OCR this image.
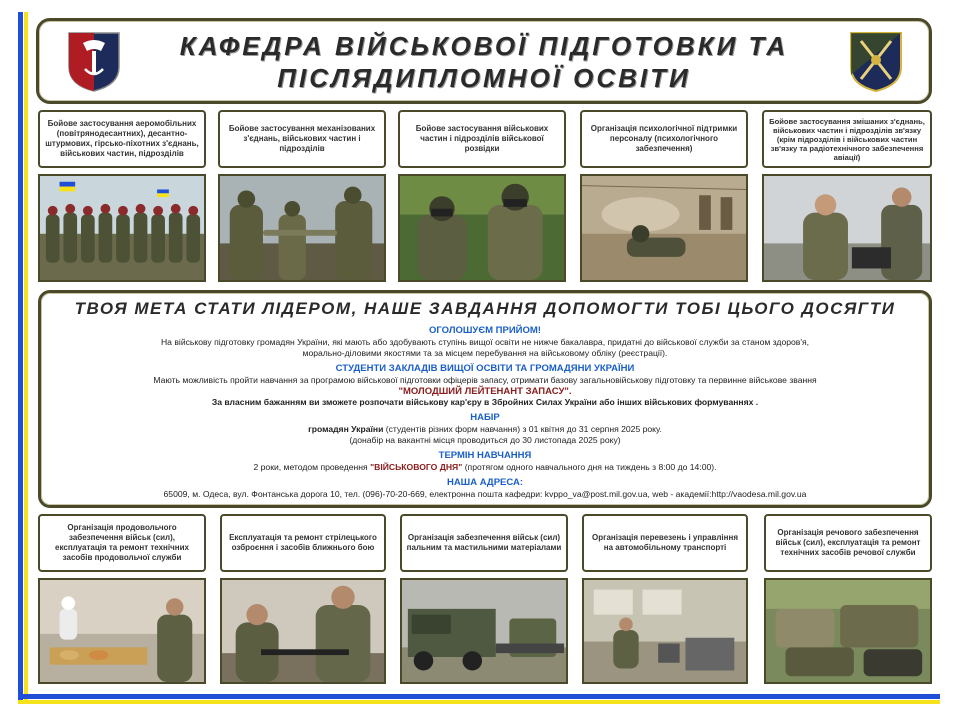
КАФЕДРА ВІЙСЬКОВОЇ ПІДГОТОВКИ ТА
ПІСЛЯДИПЛОМНОЇ ОСВІТИ
Бойове застосування аеромобільних (повітрянодесантних), десантно-штурмових, гірсько-піхотних з'єднань, військових частин, підрозділів
Бойове застосування механізованих з'єднань, військових частин і підрозділів
Бойове застосування військових частин і підрозділів військової розвідки
Організація психологічної підтримки персоналу (психологічного забезпечення)
Бойове застосування змішаних з'єднань, військових частин і підрозділів зв'язку (крім підрозділів і військових частин зв'язку та радіотехнічного забезпечення авіації)
ТВОЯ МЕТА СТАТИ ЛІДЕРОМ, НАШЕ ЗАВДАННЯ ДОПОМОГТИ ТОБІ ЦЬОГО ДОСЯГТИ
ОГОЛОШУЄМ ПРИЙОМ!
На військову підготовку громадян України, які мають або здобувають ступінь вищої освіти не нижче бакалавра, придатні до військової служби за станом здоров'я,
морально-діловими якостями та за місцем перебування на військовому обліку (реєстрації).
СТУДЕНТИ ЗАКЛАДІВ ВИЩОЇ ОСВІТИ ТА ГРОМАДЯНИ УКРАЇНИ
Мають можливість пройти навчання за програмою військової підготовки офіцерів запасу, отримати базову загальновійськову підготовку та первинне військове звання
"МОЛОДШИЙ ЛЕЙТЕНАНТ ЗАПАСУ".
За власним бажанням ви зможете розпочати військову кар'єру в Збройних Силах України або інших військових формуваннях .
НАБІР
громадян України (студентів різних форм навчання) з 01 квітня до 31 серпня 2025 року.
(донабір на вакантні місця проводиться до 30 листопада 2025 року)
ТЕРМІН НАВЧАННЯ
2 роки, методом проведення "ВІЙСЬКОВОГО ДНЯ" (протягом одного навчального дня на тиждень з 8:00 до 14:00).
НАША АДРЕСА:
65009, м. Одеса, вул. Фонтанська дорога 10, тел. (096)-70-20-669, електронна пошта кафедри: kvppo_va@post.mil.gov.ua, web - академії:http://vaodesa.mil.gov.ua
Організація продовольчого забезпечення військ (сил), експлуатація та ремонт технічних засобів продовольчої служби
Експлуатація та ремонт стрілецького озброєння і засобів ближнього бою
Організація забезпечення військ (сил) пальним та мастильними матеріалами
Організація перевезень і управління на автомобільному транспорті
Організація речового забезпечення військ (сил), експлуатація та ремонт технічних засобів речової служби
